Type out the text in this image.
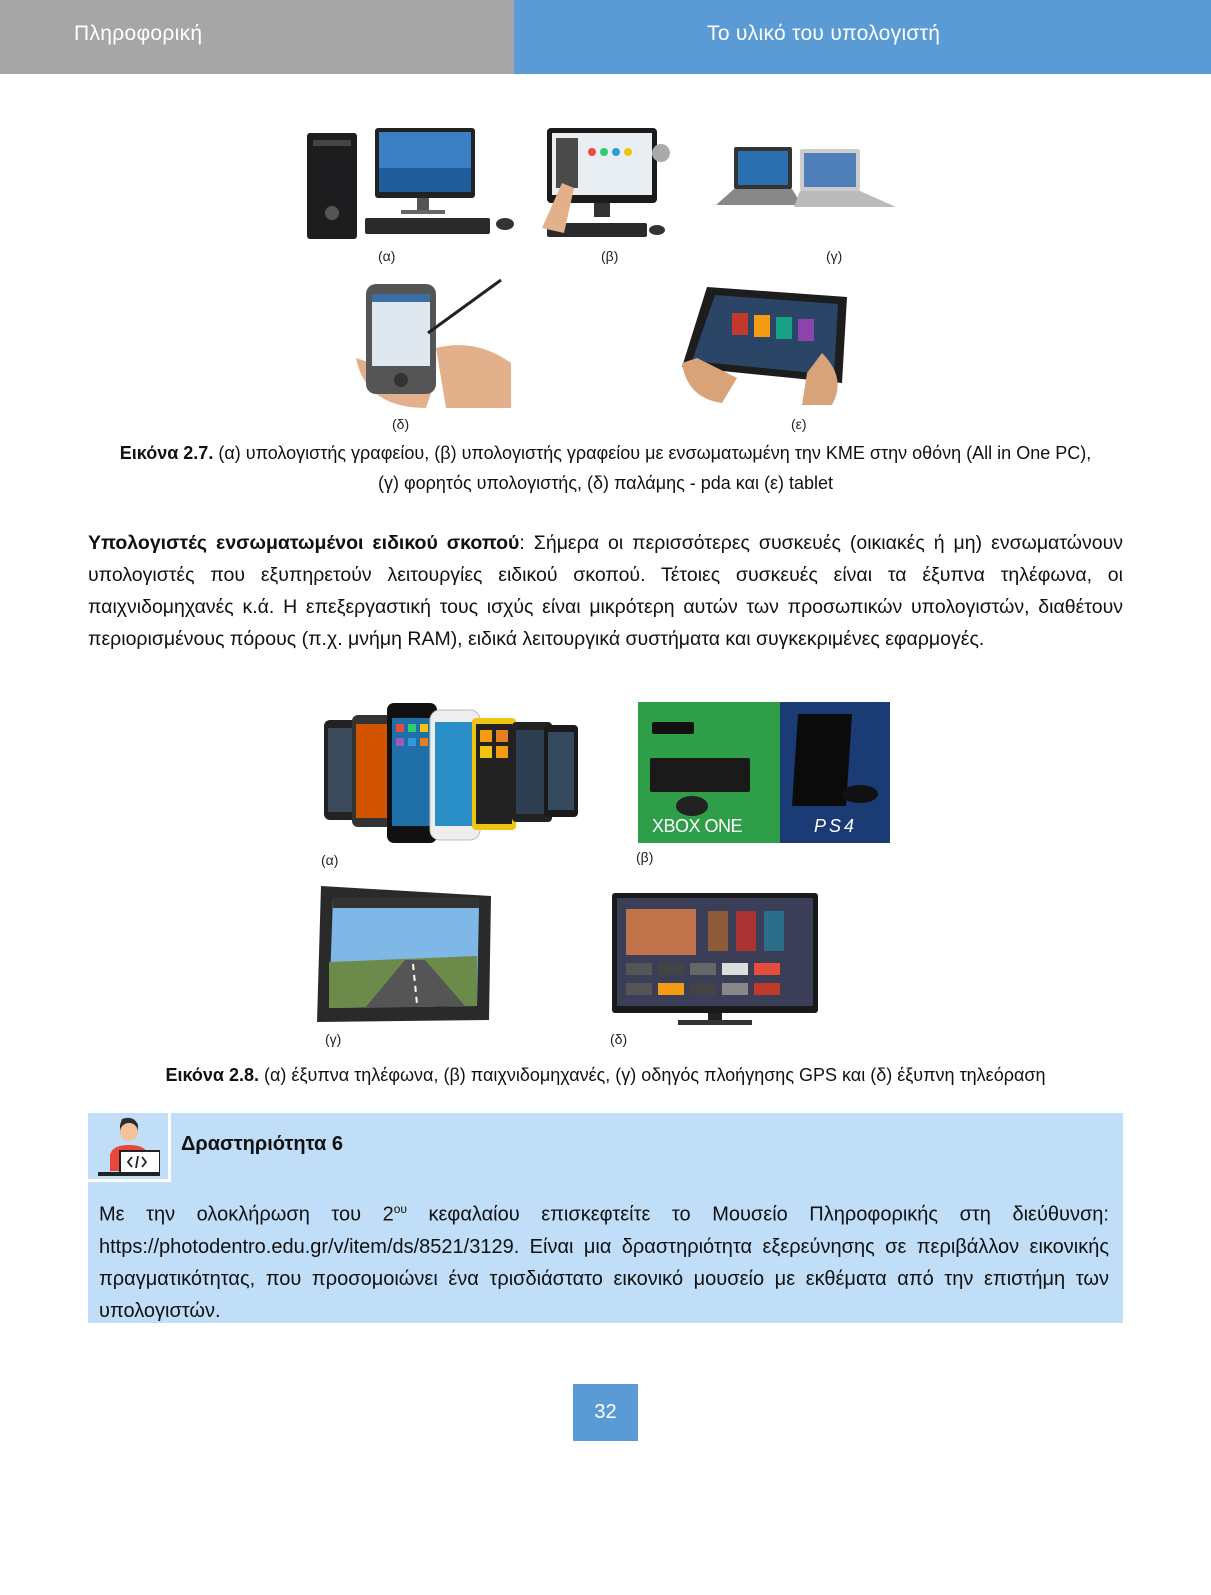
Πληροφορική	Το υλικό του υπολογιστή
(α)	(β)	(γ)
(δ)	(ε)
Εικόνα 2.7. (α) υπολογιστής γραφείου, (β) υπολογιστής γραφείου με ενσωματωμένη την ΚΜΕ στην οθόνη (All in One PC),
(γ) φορητός υπολογιστής, (δ) παλάμης - pda και (ε) tablet
Υπολογιστές ενσωματωμένοι ειδικού σκοπού: Σήμερα οι περισσότερες συσκευές (οικιακές ή μη) ενσωματώνουν υπολογιστές που εξυπηρετούν λειτουργίες ειδικού σκοπού. Τέτοιες συσκευές είναι τα έξυπνα τηλέφωνα, οι παιχνιδομηχανές κ.ά. Η επεξεργαστική τους ισχύς είναι μικρότερη αυτών των προσωπικών υπολογιστών, διαθέτουν περιορισμένους πόρους (π.χ. μνήμη RAM), ειδικά λειτουργικά συστήματα και συγκεκριμένες εφαρμογές.
(α)
XBOX ONE	PS4
(β)
(γ)	(δ)
Εικόνα 2.8. (α) έξυπνα τηλέφωνα, (β) παιχνιδομηχανές, (γ) οδηγός πλοήγησης GPS και (δ) έξυπνη τηλεόραση
Δραστηριότητα 6
Με την ολοκλήρωση του $2^{o\upsilon}$ κεφαλαίου επισκεφτείτε το Μουσείο Πληροφορικής στη διεύθυνση: https://photodentro.edu.gr/v/item/ds/8521/3129. Είναι μια δραστηριότητα εξερεύνησης σε περιβάλλον εικονικής πραγματικότητας, που προσομοιώνει ένα τρισδιάστατο εικονικό μουσείο με εκθέματα από την επιστήμη των υπολογιστών.
32
